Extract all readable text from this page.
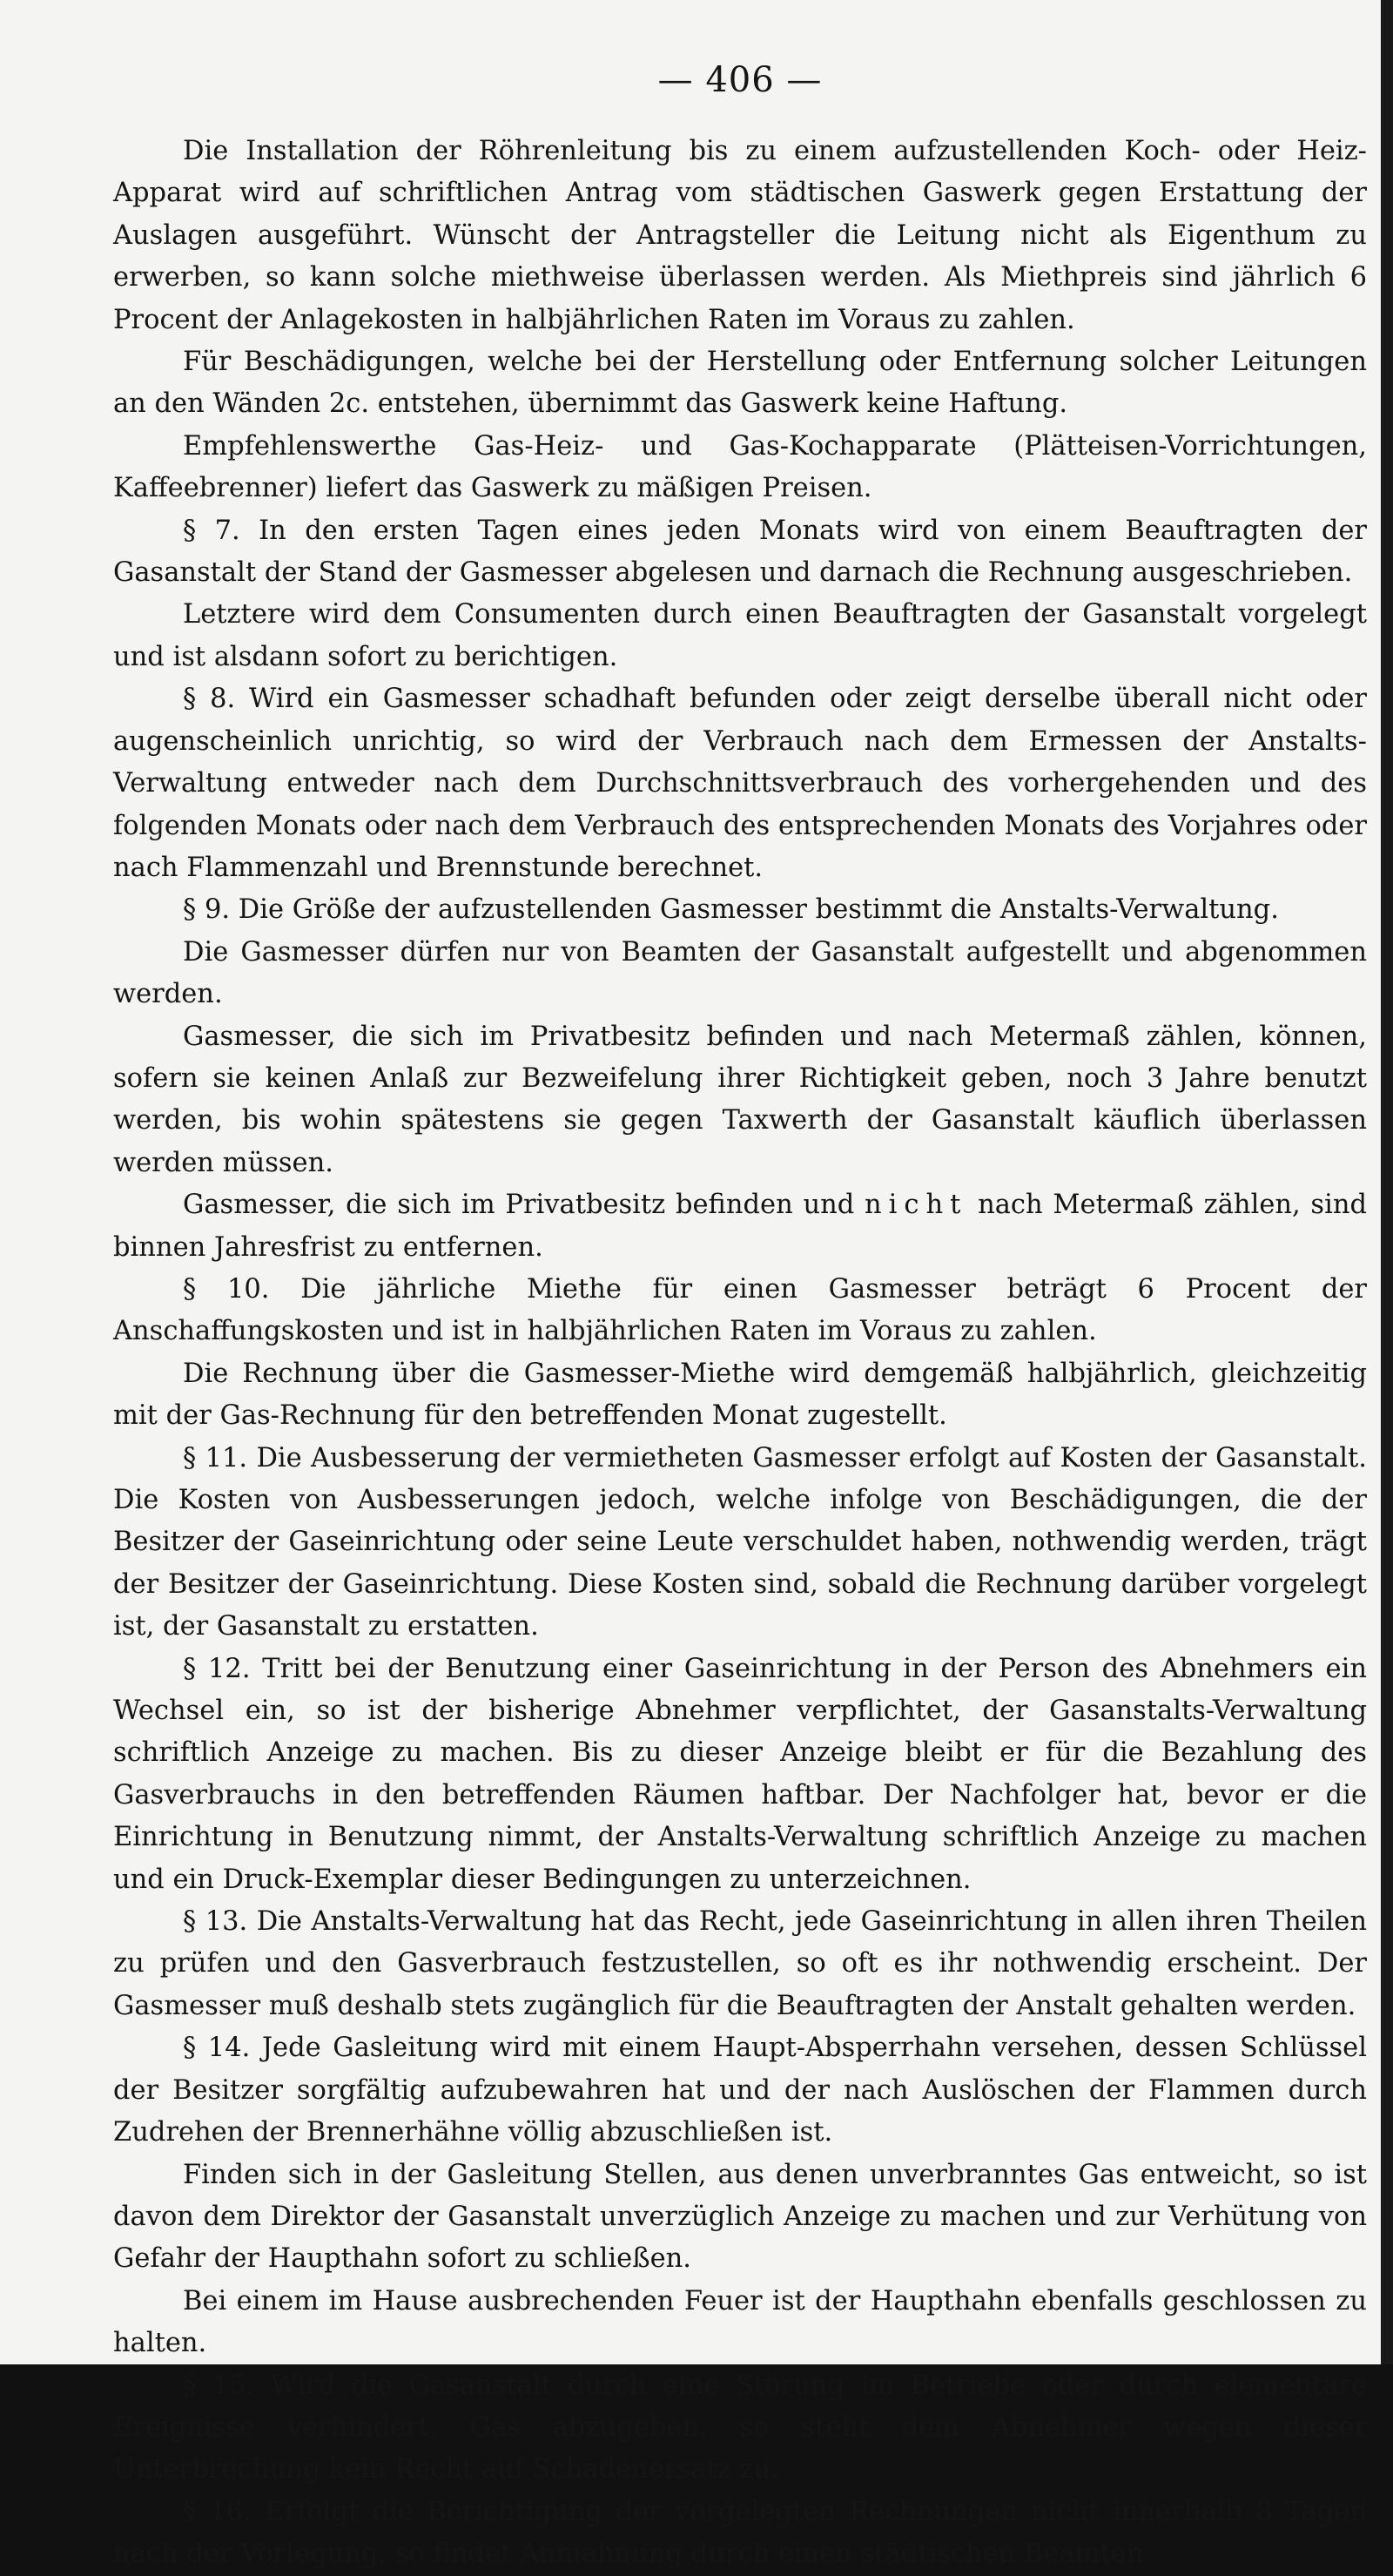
— 406 —

Die Installation der Röhrenleitung bis zu einem aufzustellenden Koch- oder Heiz-Apparat wird auf schriftlichen Antrag vom städtischen Gaswerk gegen Erstattung der Auslagen ausgeführt. Wünscht der Antragsteller die Leitung nicht als Eigenthum zu erwerben, so kann solche miethweise überlassen werden. Als Miethpreis sind jährlich 6 Procent der Anlagekosten in halbjährlichen Raten im Voraus zu zahlen.

Für Beschädigungen, welche bei der Herstellung oder Entfernung solcher Leitungen an den Wänden 2c. entstehen, übernimmt das Gaswerk keine Haftung.

Empfehlenswerthe Gas-Heiz- und Gas-Kochapparate (Plätteisen-Vorrichtungen, Kaffeebrenner) liefert das Gaswerk zu mäßigen Preisen.

§ 7. In den ersten Tagen eines jeden Monats wird von einem Beauftragten der Gasanstalt der Stand der Gasmesser abgelesen und darnach die Rechnung ausgeschrieben.

Letztere wird dem Consumenten durch einen Beauftragten der Gasanstalt vorgelegt und ist alsdann sofort zu berichtigen.

§ 8. Wird ein Gasmesser schadhaft befunden oder zeigt derselbe überall nicht oder augenscheinlich unrichtig, so wird der Verbrauch nach dem Ermessen der Anstalts-Verwaltung entweder nach dem Durchschnittsverbrauch des vorhergehenden und des folgenden Monats oder nach dem Verbrauch des entsprechenden Monats des Vorjahres oder nach Flammenzahl und Brennstunde berechnet.

§ 9. Die Größe der aufzustellenden Gasmesser bestimmt die Anstalts-Verwaltung.

Die Gasmesser dürfen nur von Beamten der Gasanstalt aufgestellt und abgenommen werden.

Gasmesser, die sich im Privatbesitz befinden und nach Metermaß zählen, können, sofern sie keinen Anlaß zur Bezweifelung ihrer Richtigkeit geben, noch 3 Jahre benutzt werden, bis wohin spätestens sie gegen Taxwerth der Gasanstalt käuflich überlassen werden müssen.

Gasmesser, die sich im Privatbesitz befinden und nicht nach Metermaß zählen, sind binnen Jahresfrist zu entfernen.

§ 10. Die jährliche Miethe für einen Gasmesser beträgt 6 Procent der Anschaffungskosten und ist in halbjährlichen Raten im Voraus zu zahlen.

Die Rechnung über die Gasmesser-Miethe wird demgemäß halbjährlich, gleichzeitig mit der Gas-Rechnung für den betreffenden Monat zugestellt.

§ 11. Die Ausbesserung der vermietheten Gasmesser erfolgt auf Kosten der Gasanstalt. Die Kosten von Ausbesserungen jedoch, welche infolge von Beschädigungen, die der Besitzer der Gaseinrichtung oder seine Leute verschuldet haben, nothwendig werden, trägt der Besitzer der Gaseinrichtung. Diese Kosten sind, sobald die Rechnung darüber vorgelegt ist, der Gasanstalt zu erstatten.

§ 12. Tritt bei der Benutzung einer Gaseinrichtung in der Person des Abnehmers ein Wechsel ein, so ist der bisherige Abnehmer verpflichtet, der Gasanstalts-Verwaltung schriftlich Anzeige zu machen. Bis zu dieser Anzeige bleibt er für die Bezahlung des Gasverbrauchs in den betreffenden Räumen haftbar. Der Nachfolger hat, bevor er die Einrichtung in Benutzung nimmt, der Anstalts-Verwaltung schriftlich Anzeige zu machen und ein Druck-Exemplar dieser Bedingungen zu unterzeichnen.

§ 13. Die Anstalts-Verwaltung hat das Recht, jede Gaseinrichtung in allen ihren Theilen zu prüfen und den Gasverbrauch festzustellen, so oft es ihr nothwendig erscheint. Der Gasmesser muß deshalb stets zugänglich für die Beauftragten der Anstalt gehalten werden.

§ 14. Jede Gasleitung wird mit einem Haupt-Absperrhahn versehen, dessen Schlüssel der Besitzer sorgfältig aufzubewahren hat und der nach Auslöschen der Flammen durch Zudrehen der Brennerhähne völlig abzuschließen ist.

Finden sich in der Gasleitung Stellen, aus denen unverbranntes Gas entweicht, so ist davon dem Direktor der Gasanstalt unverzüglich Anzeige zu machen und zur Verhütung von Gefahr der Haupthahn sofort zu schließen.

Bei einem im Hause ausbrechenden Feuer ist der Haupthahn ebenfalls geschlossen zu halten.

§ 15. Wird die Gasanstalt durch eine Störung im Betriebe oder durch elementare Ereignisse verhindert, Gas abzugeben, so steht dem Abnehmer wegen dieser Unterbrechung kein Recht auf Schadenersatz zu.

§ 16. Erfolgt die Berichtigung der vorgelegten Rechnungen nicht innerhalb 8 Tagen nach der Vorlegung, so findet Anmahnung durch einen städtischen Beamten
